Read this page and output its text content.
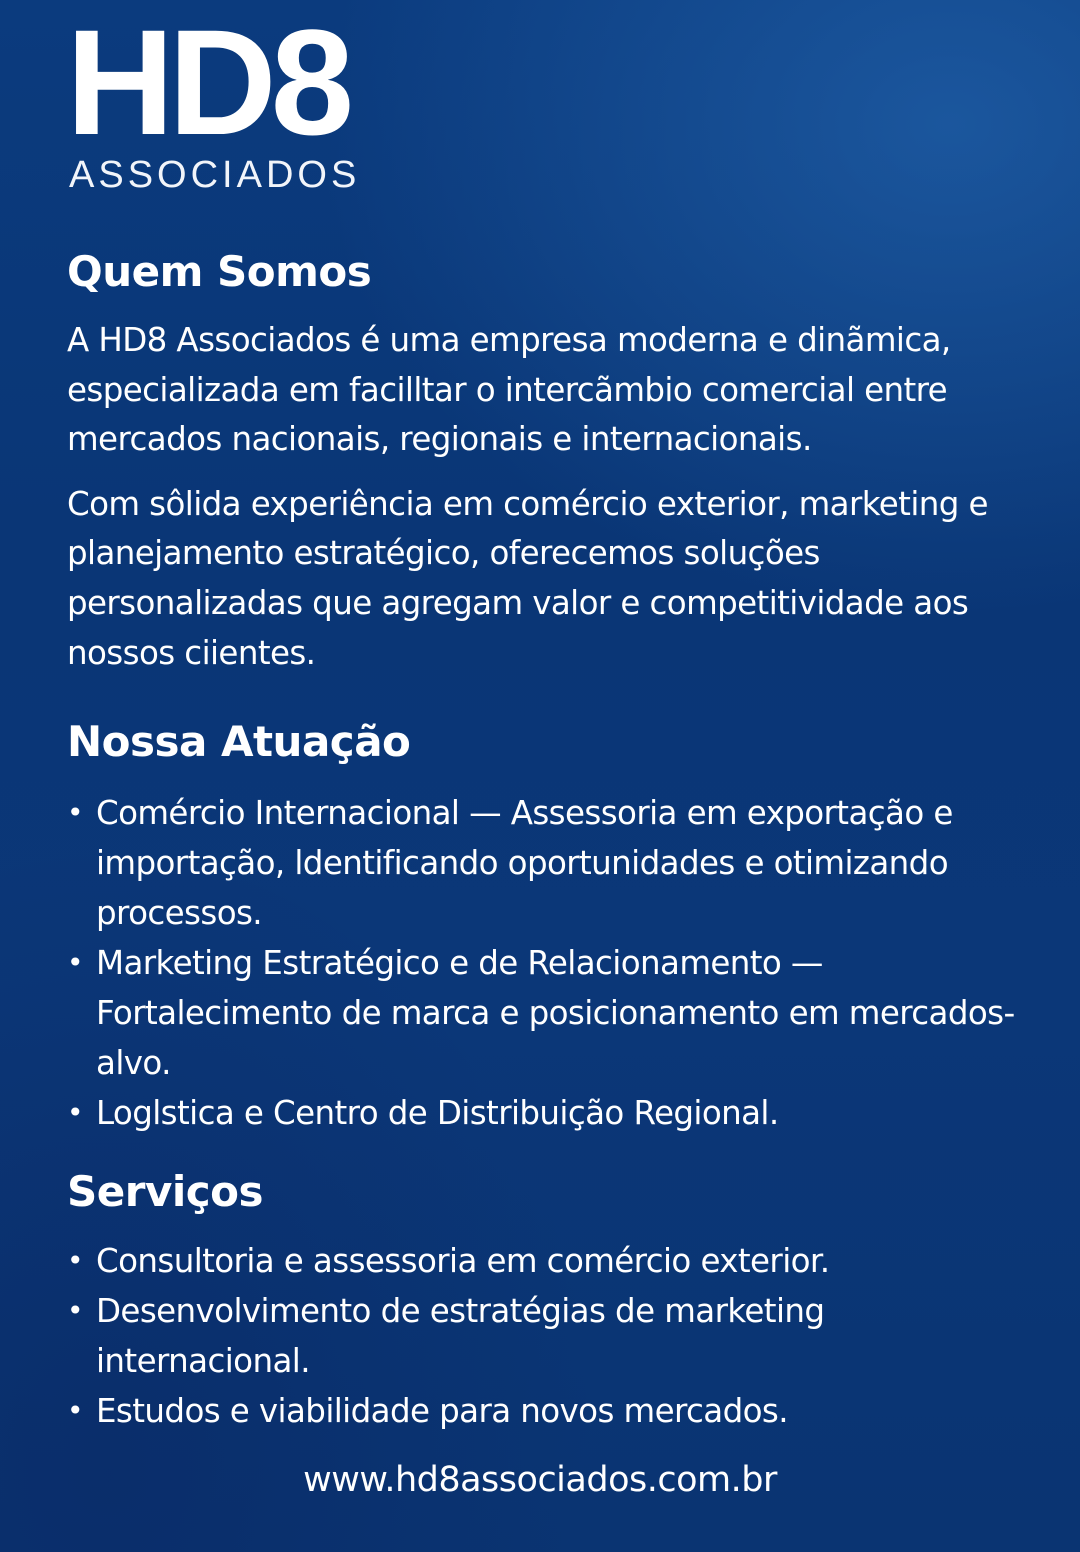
HD8
ASSOCIADOS
Quem Somos

A HD8 Associados é uma empresa moderna e dinãmica, especializada em facilltar o intercãmbio comercial entre mercados nacionais, regionais e internacionais.

Com sôlida experiência em comércio exterior, marketing e planejamento estratégico, oferecemos soluções personalizadas que agregam valor e competitividade aos nossos ciientes.

Nossa Atuação
• Comércio Internacional — Assessoria em exportação e importação, ldentificando oportunidades e otimizando processos.
• Marketing Estratégico e de Relacionamento — Fortalecimento de marca e posicionamento em mercados-alvo.
• Loglstica e Centro de Distribuição Regional.
Serviços
• Consultoria e assessoria em comércio exterior.
• Desenvolvimento de estratégias de marketing internacional.
• Estudos e viabilidade para novos mercados.
www.hd8associados.com.br
